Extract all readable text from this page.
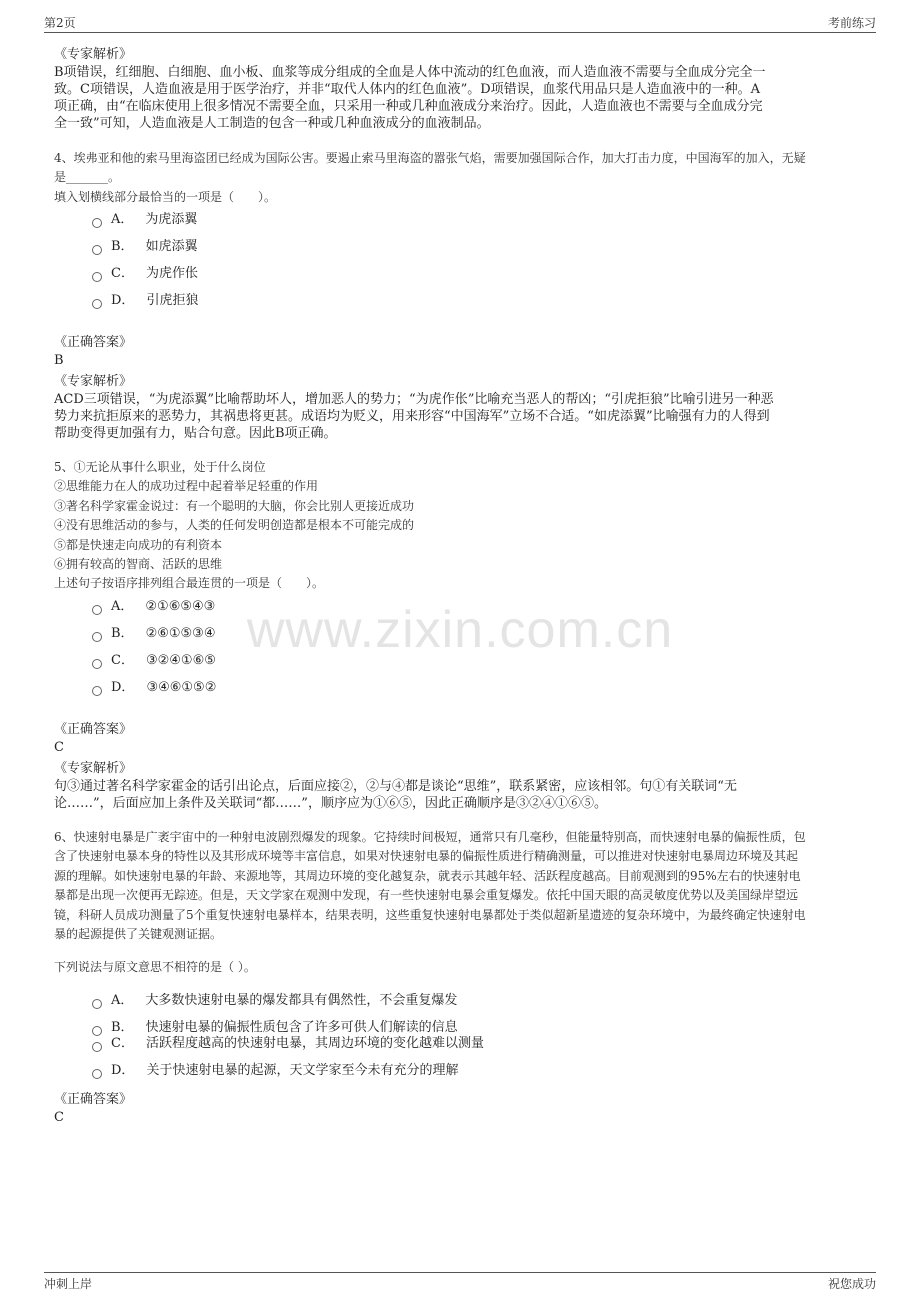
第2页	考前练习
冲刺上岸	祝您成功
www.zixin.com.cn
《专家解析》
B项错误，红细胞、白细胞、血小板、血浆等成分组成的全血是人体中流动的红色血液，而人造血液不需要与全血成分完全一
致。C项错误，人造血液是用于医学治疗，并非“取代人体内的红色血液”。D项错误，血浆代用品只是人造血液中的一种。A
项正确，由“在临床使用上很多情况不需要全血，只采用一种或几种血液成分来治疗。因此，人造血液也不需要与全血成分完
全一致”可知，人造血液是人工制造的包含一种或几种血液成分的血液制品。
4、埃弗亚和他的索马里海盗团已经成为国际公害。要遏止索马里海盗的嚣张气焰，需要加强国际合作，加大打击力度，中国海军的加入，无疑
是_______。
填入划横线部分最恰当的一项是（　　）。
A． 为虎添翼
B． 如虎添翼
C． 为虎作伥
D． 引虎拒狼
《正确答案》
B
《专家解析》
ACD三项错误，“为虎添翼”比喻帮助坏人，增加恶人的势力；“为虎作伥”比喻充当恶人的帮凶；“引虎拒狼”比喻引进另一种恶
势力来抗拒原来的恶势力，其祸患将更甚。成语均为贬义，用来形容“中国海军”立场不合适。“如虎添翼”比喻强有力的人得到
帮助变得更加强有力，贴合句意。因此B项正确。
5、①无论从事什么职业，处于什么岗位
②思维能力在人的成功过程中起着举足轻重的作用
③著名科学家霍金说过：有一个聪明的大脑，你会比别人更接近成功
④没有思维活动的参与，人类的任何发明创造都是根本不可能完成的
⑤都是快速走向成功的有利资本
⑥拥有较高的智商、活跃的思维
上述句子按语序排列组合最连贯的一项是（　　）。
A． ②①⑥⑤④③
B． ②⑥①⑤③④
C． ③②④①⑥⑤
D． ③④⑥①⑤②
《正确答案》
C
《专家解析》
句③通过著名科学家霍金的话引出论点，后面应接②，②与④都是谈论“思维”，联系紧密，应该相邻。句①有关联词“无
论……”，后面应加上条件及关联词“都……”，顺序应为①⑥⑤，因此正确顺序是③②④①⑥⑤。
6、快速射电暴是广袤宇宙中的一种射电波剧烈爆发的现象。它持续时间极短，通常只有几毫秒，但能量特别高，而快速射电暴的偏振性质，包
含了快速射电暴本身的特性以及其形成环境等丰富信息，如果对快速射电暴的偏振性质进行精确测量，可以推进对快速射电暴周边环境及其起
源的理解。如快速射电暴的年龄、来源地等，其周边环境的变化越复杂，就表示其越年轻、活跃程度越高。目前观测到的95%左右的快速射电
暴都是出现一次便再无踪迹。但是，天文学家在观测中发现，有一些快速射电暴会重复爆发。依托中国天眼的高灵敏度优势以及美国绿岸望远
镜，科研人员成功测量了5个重复快速射电暴样本，结果表明，这些重复快速射电暴都处于类似超新星遗迹的复杂环境中，为最终确定快速射电
暴的起源提供了关键观测证据。
下列说法与原文意思不相符的是（ ）。
A． 大多数快速射电暴的爆发都具有偶然性，不会重复爆发
B． 快速射电暴的偏振性质包含了许多可供人们解读的信息
C． 活跃程度越高的快速射电暴，其周边环境的变化越难以测量
D． 关于快速射电暴的起源，天文学家至今未有充分的理解
《正确答案》
C
